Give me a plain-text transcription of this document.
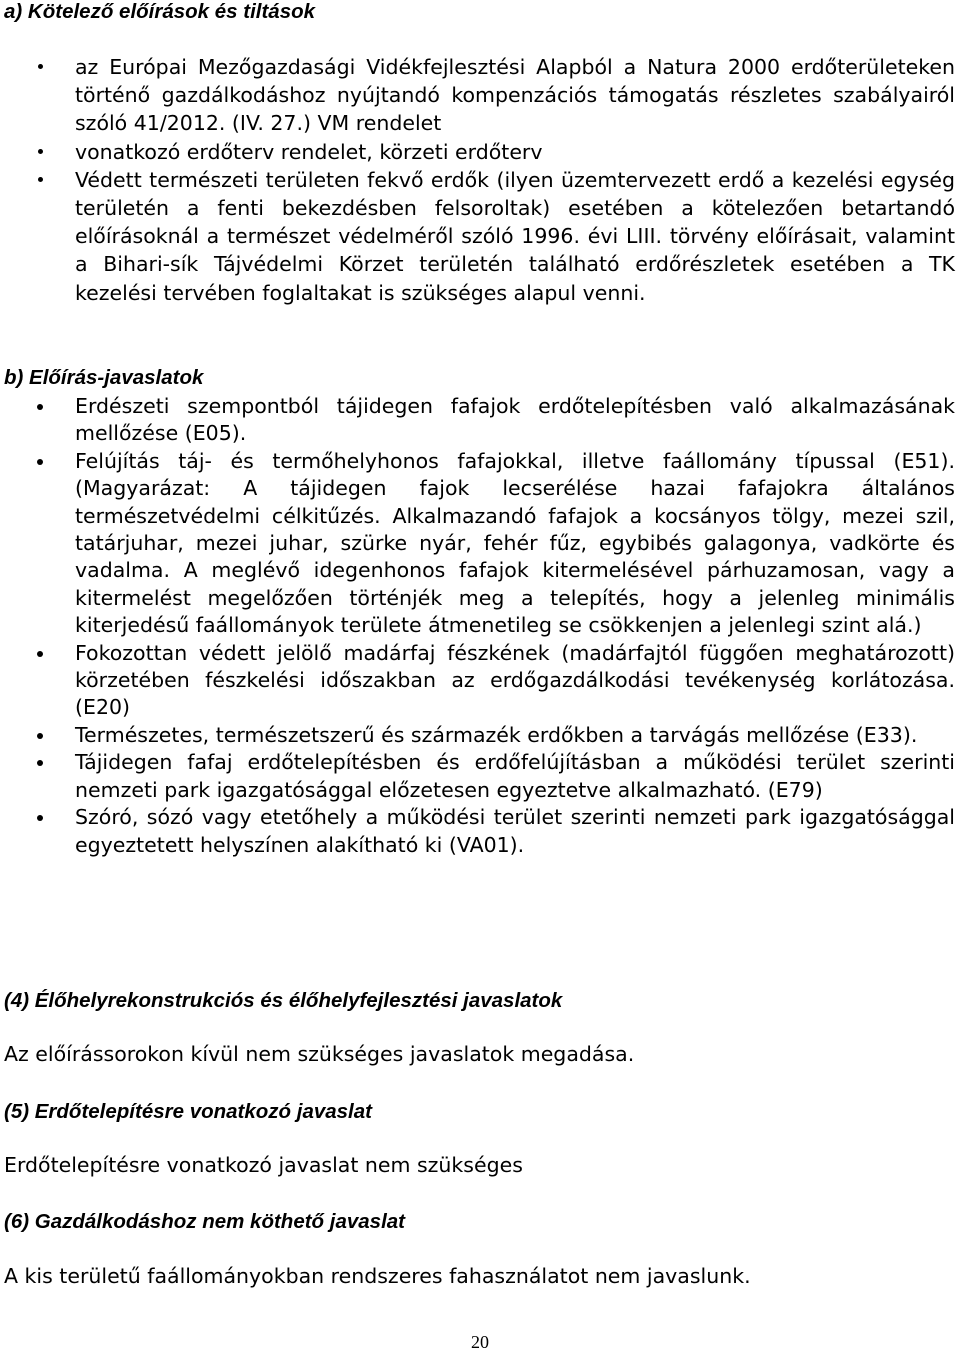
a) Kötelező előírások és tiltások
az Európai Mezőgazdasági Vidékfejlesztési Alapból a Natura 2000 erdőterületeken történő gazdálkodáshoz nyújtandó kompenzációs támogatás részletes szabályairól szóló 41/2012. (IV. 27.) VM rendelet
vonatkozó erdőterv rendelet, körzeti erdőterv
Védett természeti területen fekvő erdők (ilyen üzemtervezett erdő a kezelési egység területén a fenti bekezdésben felsoroltak) esetében a kötelezően betartandó előírásoknál a természet védelméről szóló 1996. évi LIII. törvény előírásait, valamint a Bihari-sík Tájvédelmi Körzet területén található erdőrészletek esetében a TK kezelési tervében foglaltakat is szükséges alapul venni.
b) Előírás-javaslatok
Erdészeti szempontból tájidegen fafajok erdőtelepítésben való alkalmazásának mellőzése (E05).
Felújítás táj- és termőhelyhonos fafajokkal, illetve faállomány típussal (E51). (Magyarázat: A tájidegen fajok lecserélése hazai fafajokra általános természetvédelmi célkitűzés. Alkalmazandó fafajok a kocsányos tölgy, mezei szil, tatárjuhar, mezei juhar, szürke nyár, fehér fűz, egybibés galagonya, vadkörte és vadalma. A meglévő idegenhonos fafajok kitermelésével párhuzamosan, vagy a kitermelést megelőzően történjék meg a telepítés, hogy a jelenleg minimális kiterjedésű faállományok területe átmenetileg se csökkenjen a jelenlegi szint alá.)
Fokozottan védett jelölő madárfaj fészkének (madárfajtól függően meghatározott) körzetében fészkelési időszakban az erdőgazdálkodási tevékenység korlátozása. (E20)
Természetes, természetszerű és származék erdőkben a tarvágás mellőzése (E33).
Tájidegen fafaj erdőtelepítésben és erdőfelújításban a működési terület szerinti nemzeti park igazgatósággal előzetesen egyeztetve alkalmazható. (E79)
Szóró, sózó vagy etetőhely a működési terület szerinti nemzeti park igazgatósággal egyeztetett helyszínen alakítható ki (VA01).
(4) Élőhelyrekonstrukciós és élőhelyfejlesztési javaslatok
Az előírássorokon kívül nem szükséges javaslatok megadása.
(5) Erdőtelepítésre vonatkozó javaslat
Erdőtelepítésre vonatkozó javaslat nem szükséges
(6) Gazdálkodáshoz nem köthető javaslat
A kis területű faállományokban rendszeres fahasználatot nem javaslunk.
20
